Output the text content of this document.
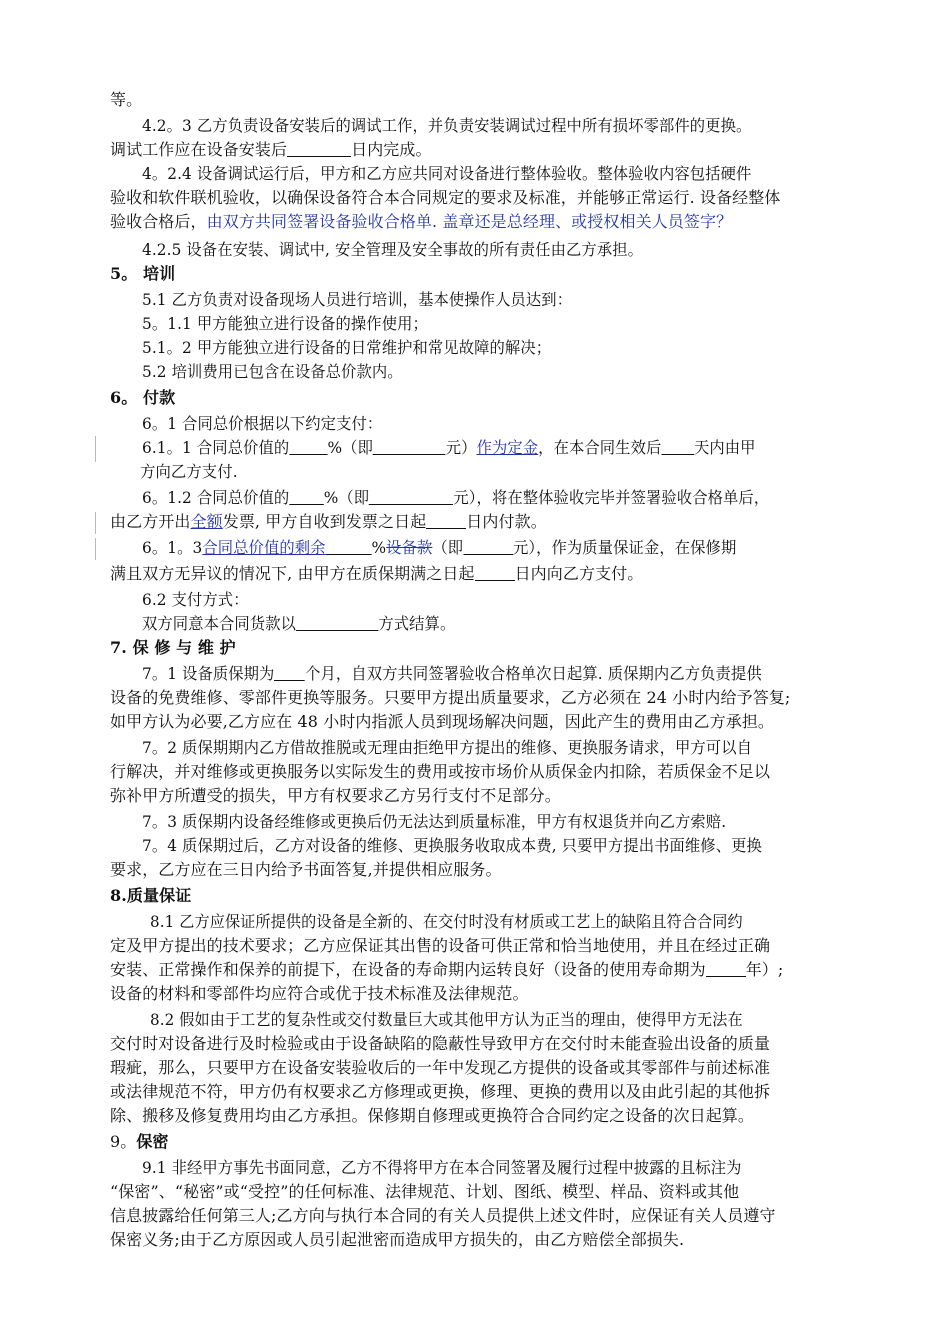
等。
4.2。3 乙方负责设备安装后的调试工作，并负责安装调试过程中所有损坏零部件的更换。
调试工作应在设备安装后	日内完成。
4。2.4 设备调试运行后，甲方和乙方应共同对设备进行整体验收。整体验收内容包括硬件
验收和软件联机验收，以确保设备符合本合同规定的要求及标准，并能够正常运行. 设备经整体
验收合格后，由双方共同签署设备验收合格单. 盖章还是总经理、或授权相关人员签字？
4.2.5 设备在安装、调试中, 安全管理及安全事故的所有责任由乙方承担。
5。 培训
5.1 乙方负责对设备现场人员进行培训，基本使操作人员达到：
5。1.1 甲方能独立进行设备的操作使用；
5.1。2 甲方能独立进行设备的日常维护和常见故障的解决；
5.2 培训费用已包含在设备总价款内。
6。 付款
6。1 合同总价根据以下约定支付：
6.1。1 合同总价值的 %（即	元）作为定金，在本合同生效后 天内由甲
方向乙方支付.
6。1.2 合同总价值的 %（即	元），将在整体验收完毕并签署验收合格单后，
由乙方开出全额发票, 甲方自收到发票之日起	日内付款。
6。1。3合同总价值的剩余	%设备款（即	元），作为质量保证金，在保修期
满且双方无异议的情况下, 由甲方在质保期满之日起	日内向乙方支付。
6.2 支付方式：
双方同意本合同货款以	方式结算。
7. 保 修 与 维 护
7。1 设备质保期为 个月，自双方共同签署验收合格单次日起算. 质保期内乙方负责提供
设备的免费维修、零部件更换等服务。只要甲方提出质量要求，乙方必须在 24 小时内给予答复;
如甲方认为必要,乙方应在 48 小时内指派人员到现场解决问题，因此产生的费用由乙方承担。
7。2 质保期期内乙方借故推脱或无理由拒绝甲方提出的维修、更换服务请求，甲方可以自
行解决，并对维修或更换服务以实际发生的费用或按市场价从质保金内扣除，若质保金不足以
弥补甲方所遭受的损失，甲方有权要求乙方另行支付不足部分。
7。3 质保期内设备经维修或更换后仍无法达到质量标准，甲方有权退货并向乙方索赔.
7。4 质保期过后，乙方对设备的维修、更换服务收取成本费, 只要甲方提出书面维修、更换
要求，乙方应在三日内给予书面答复,并提供相应服务。
8.质量保证
8.1 乙方应保证所提供的设备是全新的、在交付时没有材质或工艺上的缺陷且符合合同约
定及甲方提出的技术要求；乙方应保证其出售的设备可供正常和恰当地使用，并且在经过正确
安装、正常操作和保养的前提下，在设备的寿命期内运转良好（设备的使用寿命期为	年）;
设备的材料和零部件均应符合或优于技术标准及法律规范。
8.2 假如由于工艺的复杂性或交付数量巨大或其他甲方认为正当的理由，使得甲方无法在
交付时对设备进行及时检验或由于设备缺陷的隐蔽性导致甲方在交付时未能查验出设备的质量
瑕疵，那么，只要甲方在设备安装验收后的一年中发现乙方提供的设备或其零部件与前述标准
或法律规范不符，甲方仍有权要求乙方修理或更换，修理、更换的费用以及由此引起的其他拆
除、搬移及修复费用均由乙方承担。保修期自修理或更换符合合同约定之设备的次日起算。
9。保密
9.1 非经甲方事先书面同意，乙方不得将甲方在本合同签署及履行过程中披露的且标注为
“保密”、“秘密”或“受控”的任何标准、法律规范、计划、图纸、模型、样品、资料或其他
信息披露给任何第三人;乙方向与执行本合同的有关人员提供上述文件时，应保证有关人员遵守
保密义务;由于乙方原因或人员引起泄密而造成甲方损失的，由乙方赔偿全部损失.
